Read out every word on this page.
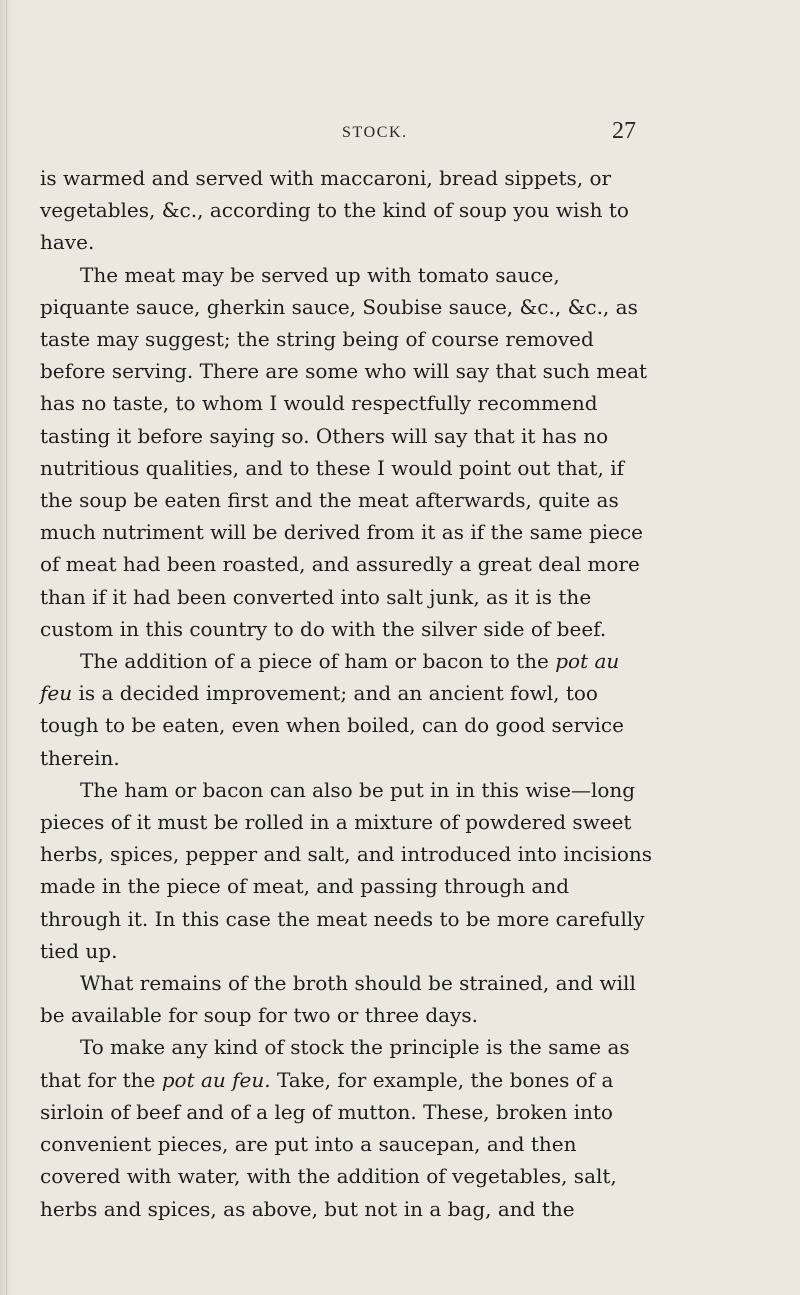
STOCK.	27

is warmed and served with maccaroni, bread sippets, or vegetables, &c., according to the kind of soup you wish to have.

The meat may be served up with tomato sauce, piquante sauce, gherkin sauce, Soubise sauce, &c., &c., as taste may suggest; the string being of course removed before serving. There are some who will say that such meat has no taste, to whom I would respectfully recommend tasting it before saying so. Others will say that it has no nutritious qualities, and to these I would point out that, if the soup be eaten first and the meat afterwards, quite as much nutriment will be derived from it as if the same piece of meat had been roasted, and assuredly a great deal more than if it had been converted into salt junk, as it is the custom in this country to do with the silver side of beef.

The addition of a piece of ham or bacon to the pot au feu is a decided improvement; and an ancient fowl, too tough to be eaten, even when boiled, can do good service therein.

The ham or bacon can also be put in in this wise—long pieces of it must be rolled in a mixture of powdered sweet herbs, spices, pepper and salt, and introduced into incisions made in the piece of meat, and passing through and through it. In this case the meat needs to be more carefully tied up.

What remains of the broth should be strained, and will be available for soup for two or three days.

To make any kind of stock the principle is the same as that for the pot au feu. Take, for example, the bones of a sirloin of beef and of a leg of mutton. These, broken into convenient pieces, are put into a saucepan, and then covered with water, with the addition of vegetables, salt, herbs and spices, as above, but not in a bag, and the
